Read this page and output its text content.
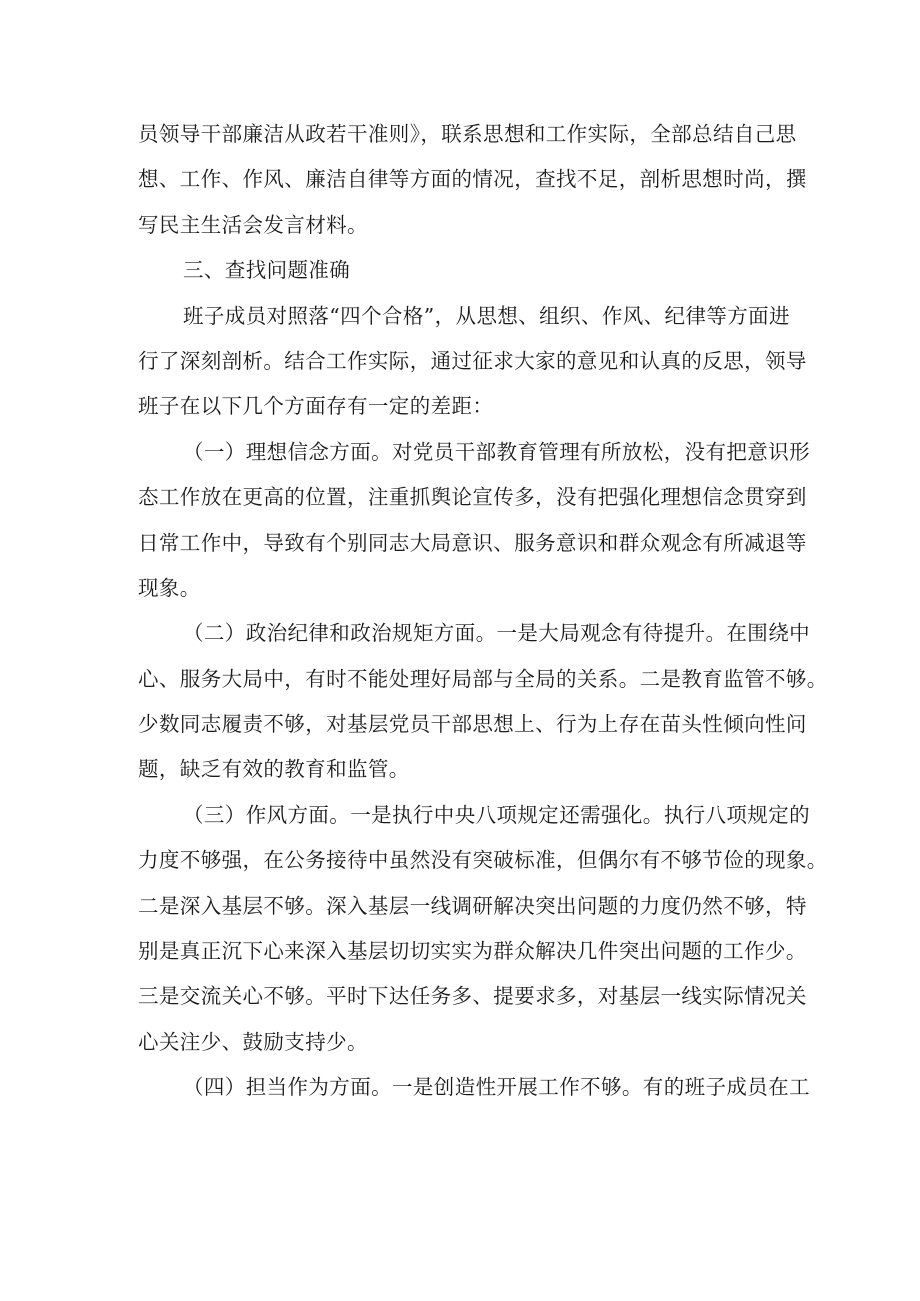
员领导干部廉洁从政若干准则》，联系思想和工作实际，全部总结自己思
想、工作、作风、廉洁自律等方面的情况，查找不足，剖析思想时尚，撰
写民主生活会发言材料。

三、查找问题准确

班子成员对照落“四个合格”，从思想、组织、作风、纪律等方面进
行了深刻剖析。结合工作实际，通过征求大家的意见和认真的反思，领导
班子在以下几个方面存有一定的差距：

（一）理想信念方面。对党员干部教育管理有所放松，没有把意识形
态工作放在更高的位置，注重抓舆论宣传多，没有把强化理想信念贯穿到
日常工作中，导致有个别同志大局意识、服务意识和群众观念有所减退等
现象。

（二）政治纪律和政治规矩方面。一是大局观念有待提升。在围绕中
心、服务大局中，有时不能处理好局部与全局的关系。二是教育监管不够。
少数同志履责不够，对基层党员干部思想上、行为上存在苗头性倾向性问
题，缺乏有效的教育和监管。

（三）作风方面。一是执行中央八项规定还需强化。执行八项规定的
力度不够强，在公务接待中虽然没有突破标准，但偶尔有不够节俭的现象。
二是深入基层不够。深入基层一线调研解决突出问题的力度仍然不够，特
别是真正沉下心来深入基层切切实实为群众解决几件突出问题的工作少。
三是交流关心不够。平时下达任务多、提要求多，对基层一线实际情况关
心关注少、鼓励支持少。

（四）担当作为方面。一是创造性开展工作不够。有的班子成员在工
